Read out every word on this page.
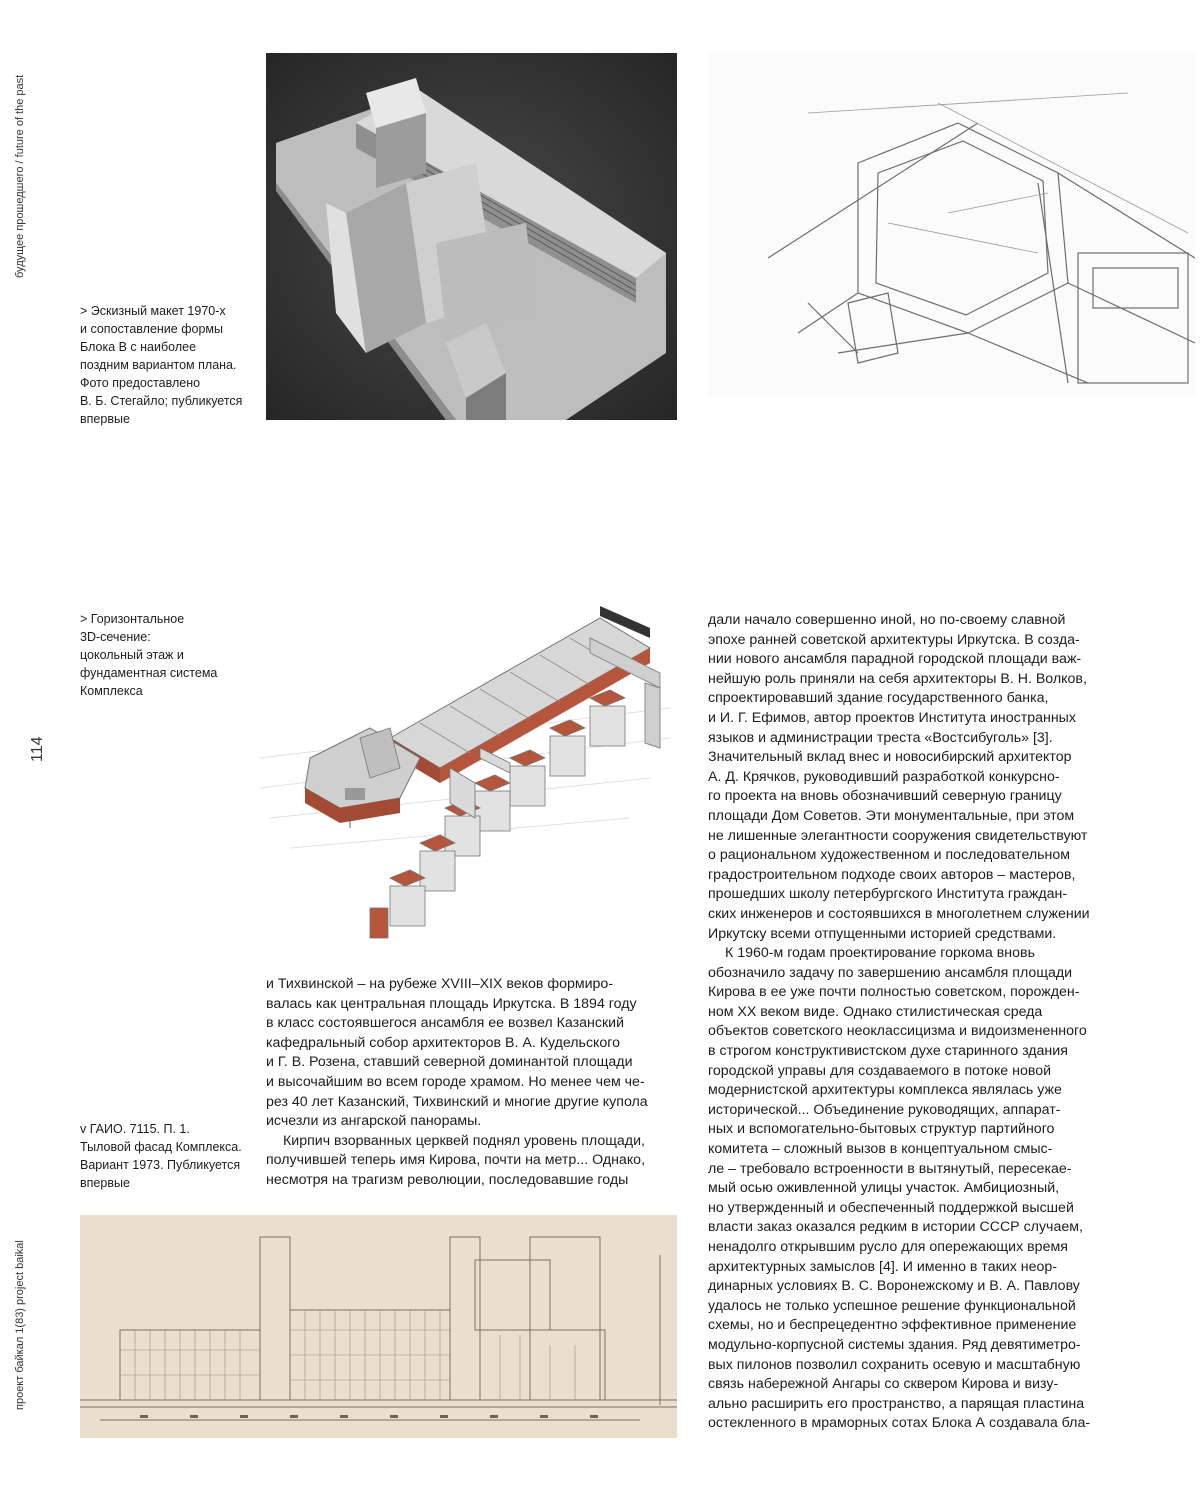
будущее прошедшего / future of the past
114
проект байкал 1(83) project baikal

> Эскизный макет 1970-х

и сопоставление формы

Блока В с наиболее

поздним вариантом плана.

Фото предоставлено

В. Б. Стегайло; публикуется

впервые

> Горизонтальное

3D-сечение:

цокольный этаж и

фундаментная система

Комплекса

и Тихвинской – на рубеже XVIII–XIX веков формиро-

валась как центральная площадь Иркутска. В 1894 году

в класс состоявшегося ансамбля ее возвел Казанский

кафедральный собор архитекторов В. А. Кудельского

и Г. В. Розена, ставший северной доминантой площади

и высочайшим во всем городе храмом. Но менее чем че-

рез 40 лет Казанский, Тихвинский и многие другие купола

исчезли из ангарской панорамы.

Кирпич взорванных церквей поднял уровень площади,

получившей теперь имя Кирова, почти на метр... Однако,

несмотря на трагизм революции, последовавшие годы

v ГАИО. 7115. П. 1.

Тыловой фасад Комплекса.

Вариант 1973. Публикуется

впервые

дали начало совершенно иной, но по-своему славной

эпохе ранней советской архитектуры Иркутска. В созда-

нии нового ансамбля парадной городской площади важ-

нейшую роль приняли на себя архитекторы В. Н. Волков,

спроектировавший здание государственного банка,

и И. Г. Ефимов, автор проектов Института иностранных

языков и администрации треста «Востсибуголь» [3].

Значительный вклад внес и новосибирский архитектор

А. Д. Крячков, руководивший разработкой конкурсно-

го проекта на вновь обозначивший северную границу

площади Дом Советов. Эти монументальные, при этом

не лишенные элегантности сооружения свидетельствуют

о рациональном художественном и последовательном

градостроительном подходе своих авторов – мастеров,

прошедших школу петербургского Института граждан-

ских инженеров и состоявшихся в многолетнем служении

Иркутску всеми отпущенными историей средствами.

К 1960-м годам проектирование горкома вновь

обозначило задачу по завершению ансамбля площади

Кирова в ее уже почти полностью советском, порожден-

ном XX веком виде. Однако стилистическая среда

объектов советского неоклассицизма и видоизмененного

в строгом конструктивистском духе старинного здания

городской управы для создаваемого в потоке новой

модернистской архитектуры комплекса являлась уже

исторической... Объединение руководящих, аппарат-

ных и вспомогательно-бытовых структур партийного

комитета – сложный вызов в концептуальном смыс-

ле – требовало встроенности в вытянутый, пересекае-

мый осью оживленной улицы участок. Амбициозный,

но утвержденный и обеспеченный поддержкой высшей

власти заказ оказался редким в истории СССР случаем,

ненадолго открывшим русло для опережающих время

архитектурных замыслов [4]. И именно в таких неор-

динарных условиях В. С. Воронежскому и В. А. Павлову

удалось не только успешное решение функциональной

схемы, но и беспрецедентно эффективное применение

модульно-корпусной системы здания. Ряд девятиметро-

вых пилонов позволил сохранить осевую и масштабную

связь набережной Ангары со сквером Кирова и визу-

ально расширить его пространство, а парящая пластина

остекленного в мраморных сотах Блока А создавала бла-
